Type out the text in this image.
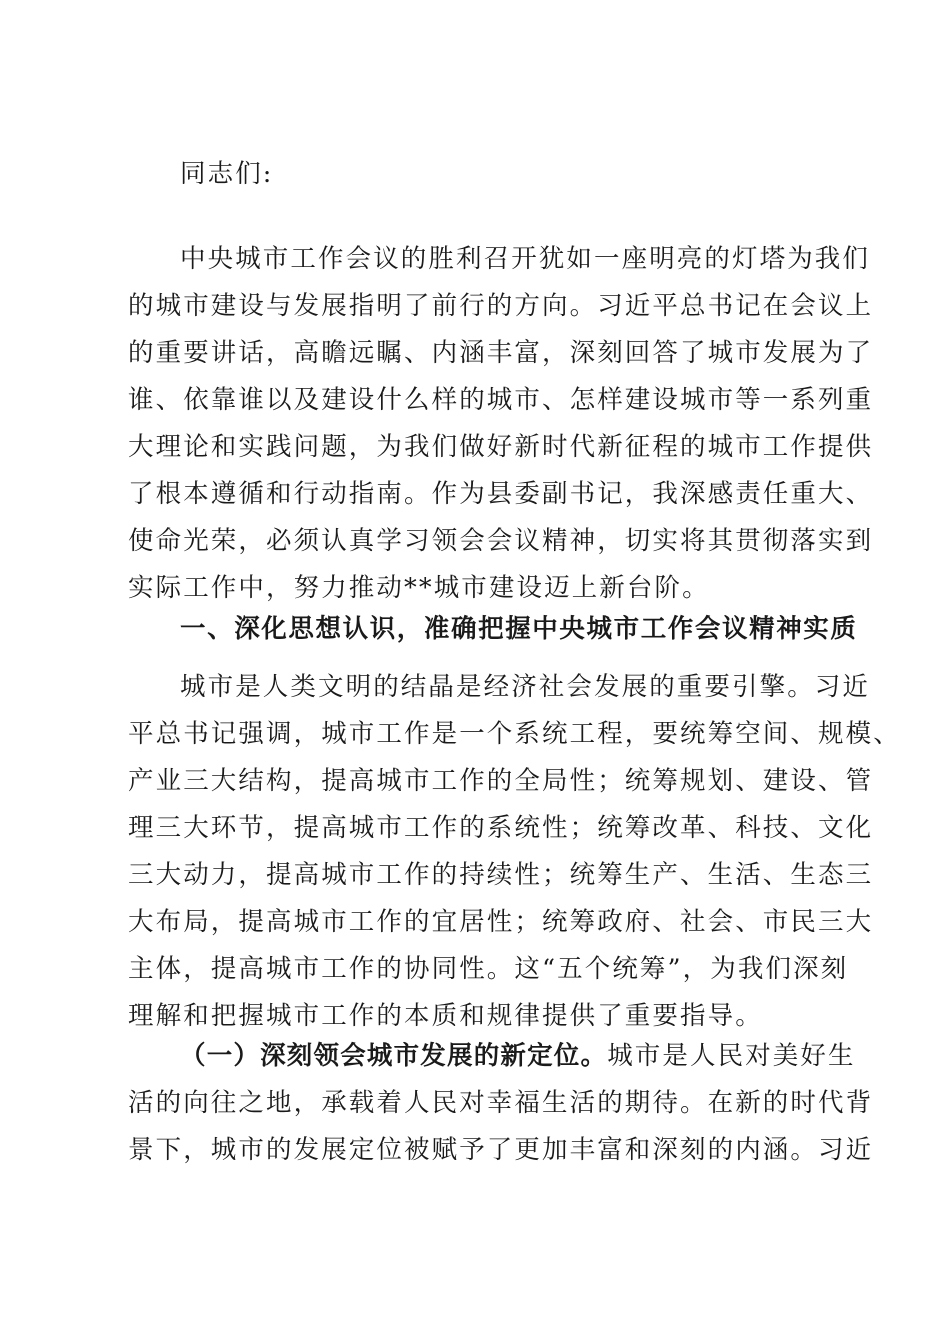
同志们:
中央城市工作会议的胜利召开犹如一座明亮的灯塔为我们
的城市建设与发展指明了前行的方向。习近平总书记在会议上
的重要讲话，高瞻远瞩、内涵丰富，深刻回答了城市发展为了
谁、依靠谁以及建设什么样的城市、怎样建设城市等一系列重
大理论和实践问题，为我们做好新时代新征程的城市工作提供
了根本遵循和行动指南。作为县委副书记，我深感责任重大、
使命光荣，必须认真学习领会会议精神，切实将其贯彻落实到
实际工作中，努力推动**城市建设迈上新台阶。
一、深化思想认识，准确把握中央城市工作会议精神实质
城市是人类文明的结晶是经济社会发展的重要引擎。习近
平总书记强调，城市工作是一个系统工程，要统筹空间、规模、
产业三大结构，提高城市工作的全局性；统筹规划、建设、管
理三大环节，提高城市工作的系统性；统筹改革、科技、文化
三大动力，提高城市工作的持续性；统筹生产、生活、生态三
大布局，提高城市工作的宜居性；统筹政府、社会、市民三大
主体，提高城市工作的协同性。这“五个统筹”，为我们深刻
理解和把握城市工作的本质和规律提供了重要指导。
（一）深刻领会城市发展的新定位。城市是人民对美好生
活的向往之地，承载着人民对幸福生活的期待。在新的时代背
景下，城市的发展定位被赋予了更加丰富和深刻的内涵。习近
